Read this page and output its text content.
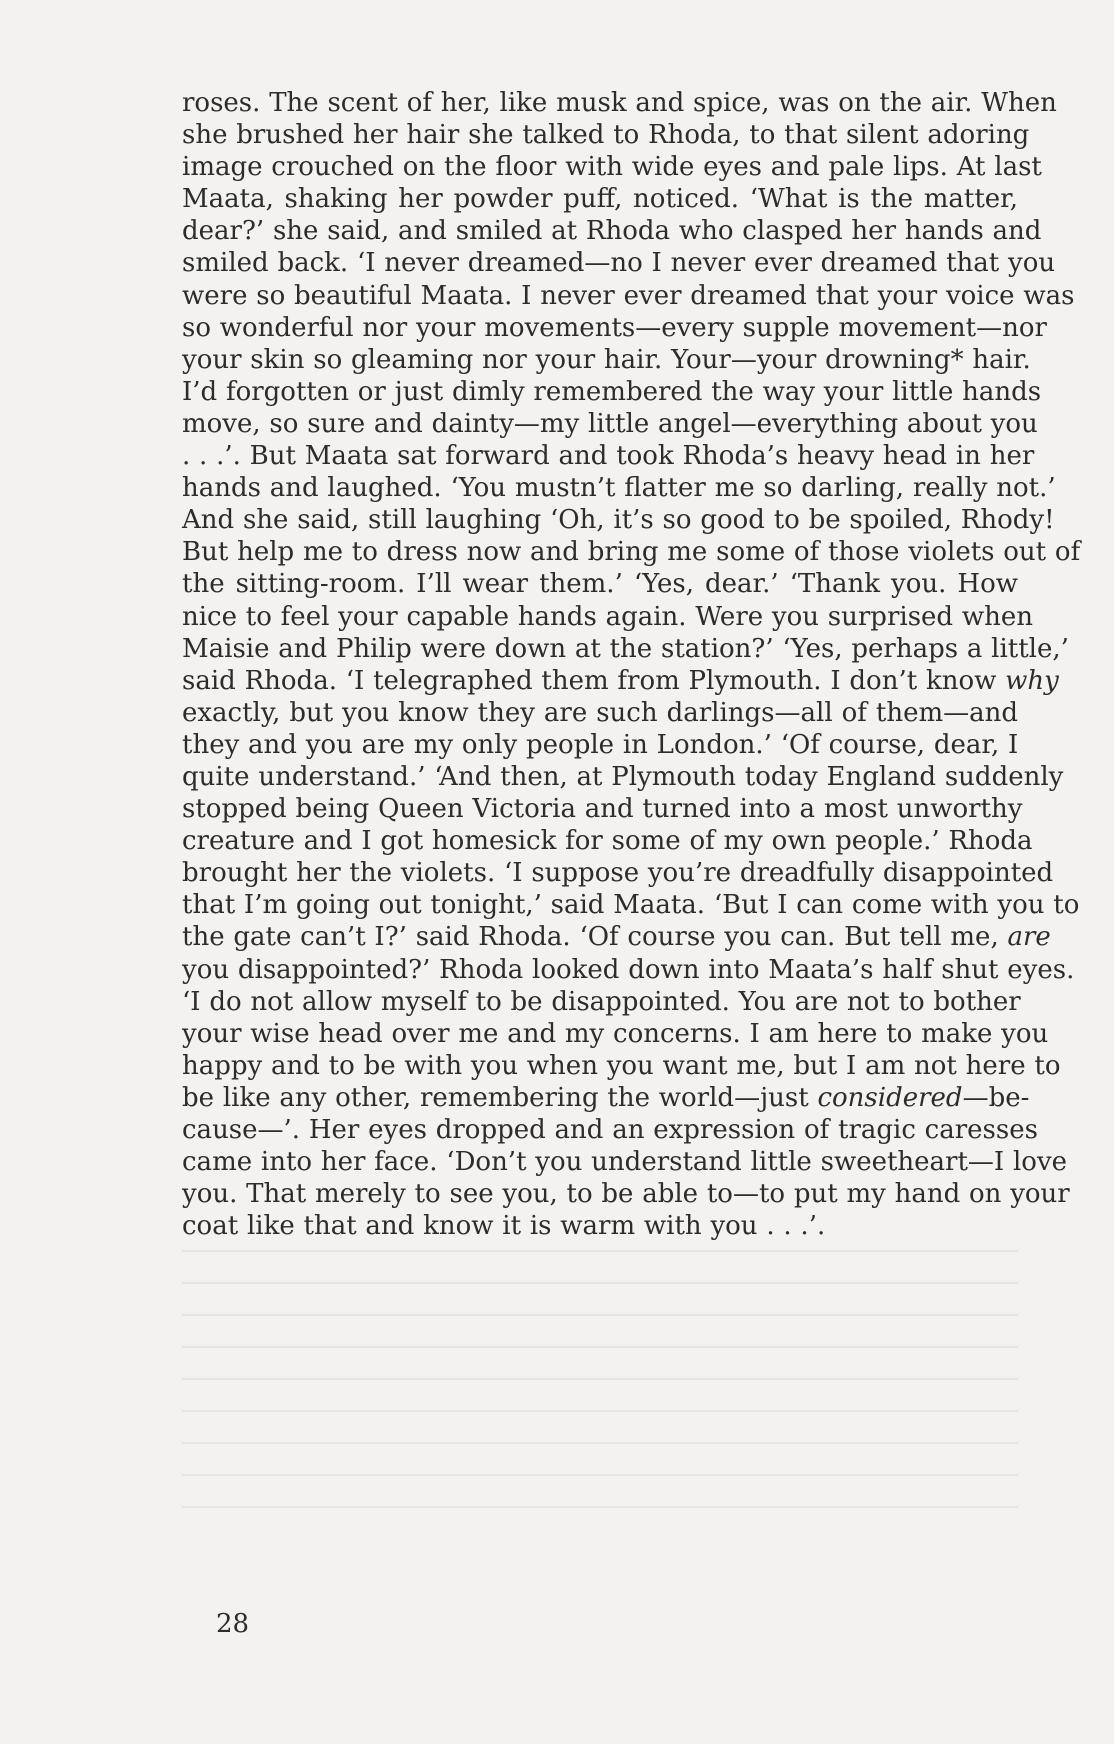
roses. The scent of her, like musk and spice, was on the air. When
she brushed her hair she talked to Rhoda, to that silent adoring
image crouched on the floor with wide eyes and pale lips. At last
Maata, shaking her powder puff, noticed. ‘What is the matter,
dear?’ she said, and smiled at Rhoda who clasped her hands and
smiled back. ‘I never dreamed—no I never ever dreamed that you
were so beautiful Maata. I never ever dreamed that your voice was
so wonderful nor your movements—every supple movement—nor
your skin so gleaming nor your hair. Your—your drowning* hair.
I’d forgotten or just dimly remembered the way your little hands
move, so sure and dainty—my little angel—everything about you
. . .’. But Maata sat forward and took Rhoda’s heavy head in her
hands and laughed. ‘You mustn’t flatter me so darling, really not.’
And she said, still laughing ‘Oh, it’s so good to be spoiled, Rhody!
But help me to dress now and bring me some of those violets out of
the sitting-room. I’ll wear them.’ ‘Yes, dear.’ ‘Thank you. How
nice to feel your capable hands again. Were you surprised when
Maisie and Philip were down at the station?’ ‘Yes, perhaps a little,’
said Rhoda. ‘I telegraphed them from Plymouth. I don’t know why
exactly, but you know they are such darlings—all of them—and
they and you are my only people in London.’ ‘Of course, dear, I
quite understand.’ ‘And then, at Plymouth today England suddenly
stopped being Queen Victoria and turned into a most unworthy
creature and I got homesick for some of my own people.’ Rhoda
brought her the violets. ‘I suppose you’re dreadfully disappointed
that I’m going out tonight,’ said Maata. ‘But I can come with you to
the gate can’t I?’ said Rhoda. ‘Of course you can. But tell me, are
you disappointed?’ Rhoda looked down into Maata’s half shut eyes.
‘I do not allow myself to be disappointed. You are not to bother
your wise head over me and my concerns. I am here to make you
happy and to be with you when you want me, but I am not here to
be like any other, remembering the world—just considered—be-
cause—’. Her eyes dropped and an expression of tragic caresses
came into her face. ‘Don’t you understand little sweetheart—I love
you. That merely to see you, to be able to—to put my hand on your
coat like that and know it is warm with you . . .’.
28
